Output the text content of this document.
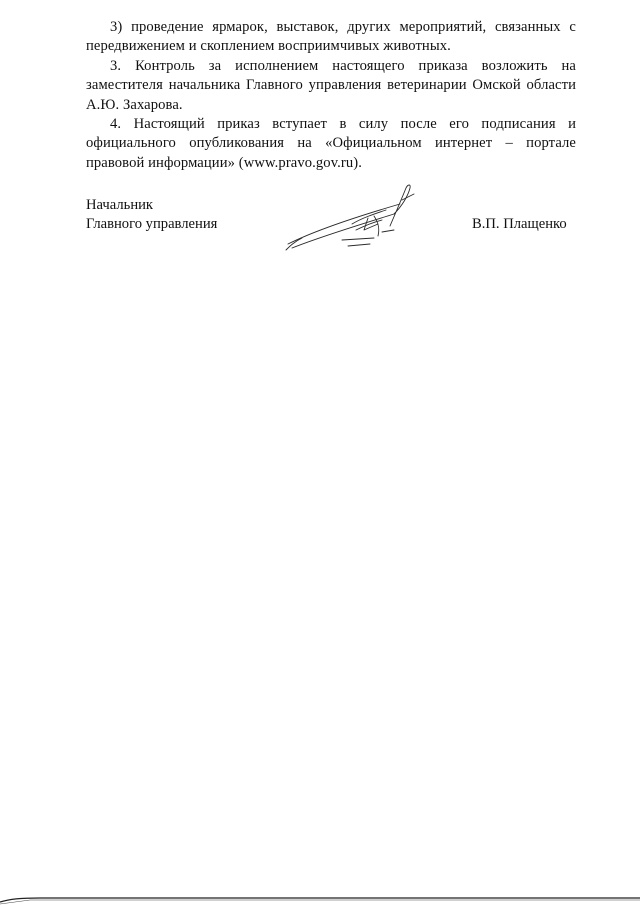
3) проведение ярмарок, выставок, других мероприятий, связанных с передвижением и скоплением восприимчивых животных.

3. Контроль за исполнением настоящего приказа возложить на заместителя начальника Главного управления ветеринарии Омской области А.Ю. Захарова.

4. Настоящий приказ вступает в силу после его подписания и официального опубликования на «Официальном интернет – портале правовой информации» (www.pravo.gov.ru).

Начальник
Главного управления	В.П. Плащенко
